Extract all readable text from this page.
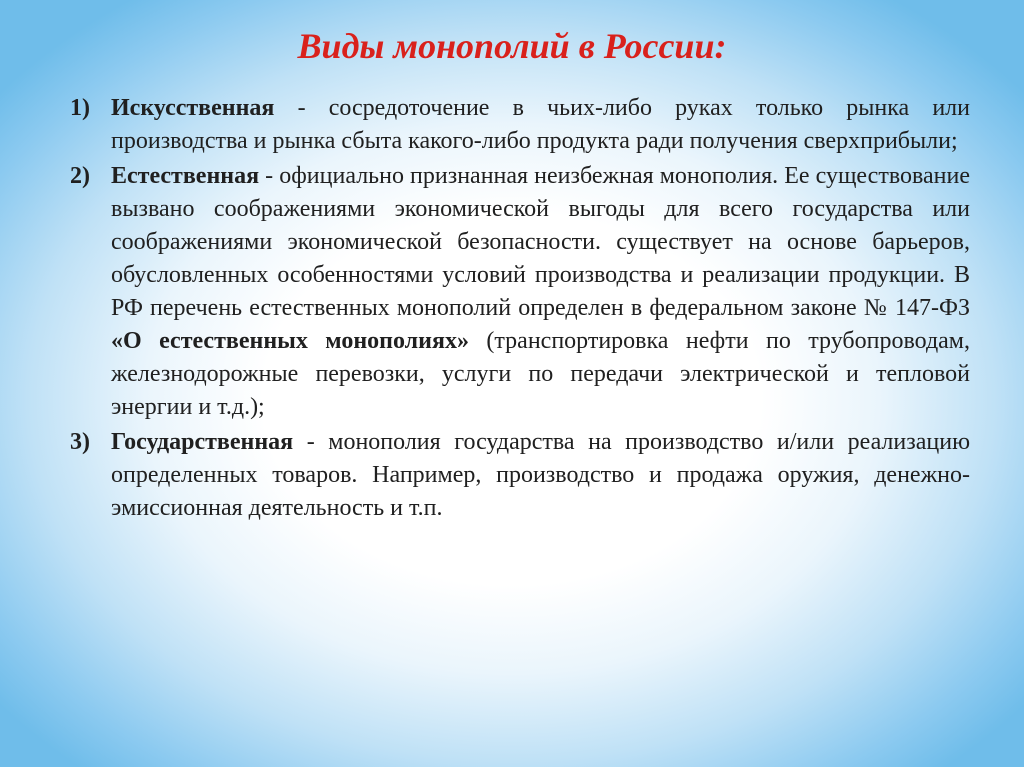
Виды монополий в России:
1) Искусственная - сосредоточение в чьих-либо руках только рынка или производства и рынка сбыта какого-либо продукта ради получения сверхприбыли;
2) Естественная - официально признанная неизбежная монополия. Ее существование вызвано соображениями экономической выгоды для всего государства или соображениями экономической безопасности. существует на основе барьеров, обусловленных особенностями условий производства и реализации продукции. В РФ перечень естественных монополий определен в федеральном законе № 147-ФЗ «О естественных монополиях» (транспортировка нефти по трубопроводам, железнодорожные перевозки, услуги по передачи электрической и тепловой энергии и т.д.);
3) Государственная - монополия государства на производство и/или реализацию определенных товаров. Например, производство и продажа оружия, денежно-эмиссионная деятельность и т.п.
